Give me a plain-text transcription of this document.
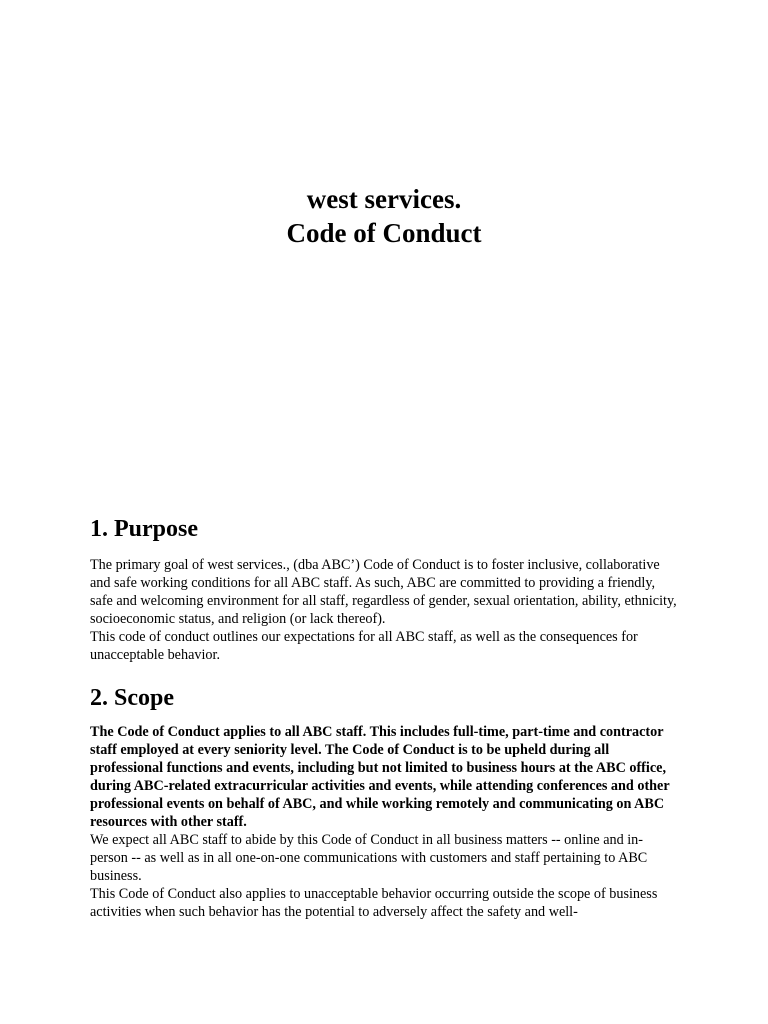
west services.

Code of Conduct

1. Purpose

The primary goal of west services., (dba ABC’) Code of Conduct is to foster inclusive, collaborative and safe working conditions for all ABC staff. As such, ABC are committed to providing a friendly, safe and welcoming environment for all staff, regardless of gender, sexual orientation, ability, ethnicity, socioeconomic status, and religion (or lack thereof).

This code of conduct outlines our expectations for all ABC staff, as well as the consequences for unacceptable behavior.

2. Scope

The Code of Conduct applies to all ABC staff. This includes full-time, part-time and contractor staff employed at every seniority level. The Code of Conduct is to be upheld during all professional functions and events, including but not limited to business hours at the ABC office, during ABC-related extracurricular activities and events, while attending conferences and other professional events on behalf of ABC, and while working remotely and communicating on ABC resources with other staff.

We expect all ABC staff to abide by this Code of Conduct in all business matters -- online and in-person -- as well as in all one-on-one communications with customers and staff pertaining to ABC business.

This Code of Conduct also applies to unacceptable behavior occurring outside the scope of business activities when such behavior has the potential to adversely affect the safety and well-
